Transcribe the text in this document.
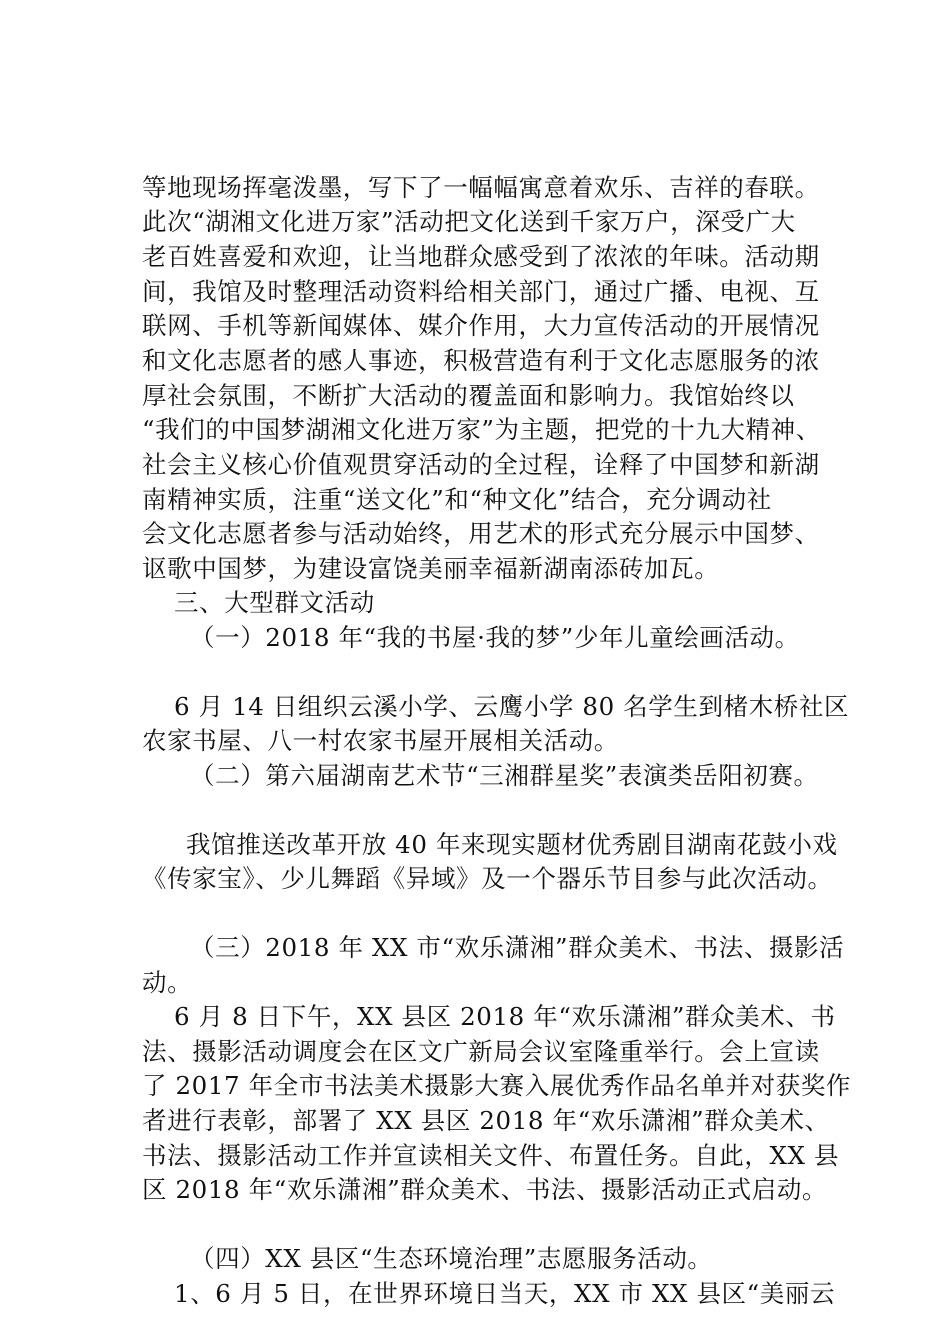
等地现场挥毫泼墨，写下了一幅幅寓意着欢乐、吉祥的春联。

此次“湖湘文化进万家”活动把文化送到千家万户，深受广大

老百姓喜爱和欢迎，让当地群众感受到了浓浓的年味。活动期

间，我馆及时整理活动资料给相关部门，通过广播、电视、互

联网、手机等新闻媒体、媒介作用，大力宣传活动的开展情况

和文化志愿者的感人事迹，积极营造有利于文化志愿服务的浓

厚社会氛围，不断扩大活动的覆盖面和影响力。我馆始终以

“我们的中国梦湖湘文化进万家”为主题，把党的十九大精神、

社会主义核心价值观贯穿活动的全过程，诠释了中国梦和新湖

南精神实质，注重“送文化”和“种文化”结合，充分调动社

会文化志愿者参与活动始终，用艺术的形式充分展示中国梦、

讴歌中国梦，为建设富饶美丽幸福新湖南添砖加瓦。

三、大型群文活动

（一）2018 年“我的书屋·我的梦”少年儿童绘画活动。

6 月 14 日组织云溪小学、云鹰小学 80 名学生到楮木桥社区

农家书屋、八一村农家书屋开展相关活动。

（二）第六届湖南艺术节“三湘群星奖”表演类岳阳初赛。

我馆推送改革开放 40 年来现实题材优秀剧目湖南花鼓小戏

《传家宝》、少儿舞蹈《异域》及一个器乐节目参与此次活动。

（三）2018 年 XX 市“欢乐潇湘”群众美术、书法、摄影活

动。

6 月 8 日下午，XX 县区 2018 年“欢乐潇湘”群众美术、书

法、摄影活动调度会在区文广新局会议室隆重举行。会上宣读

了 2017 年全市书法美术摄影大赛入展优秀作品名单并对获奖作

者进行表彰，部署了 XX 县区 2018 年“欢乐潇湘”群众美术、

书法、摄影活动工作并宣读相关文件、布置任务。自此，XX 县

区 2018 年“欢乐潇湘”群众美术、书法、摄影活动正式启动。

（四）XX 县区“生态环境治理”志愿服务活动。

1、6 月 5 日，在世界环境日当天，XX 市 XX 县区“美丽云
